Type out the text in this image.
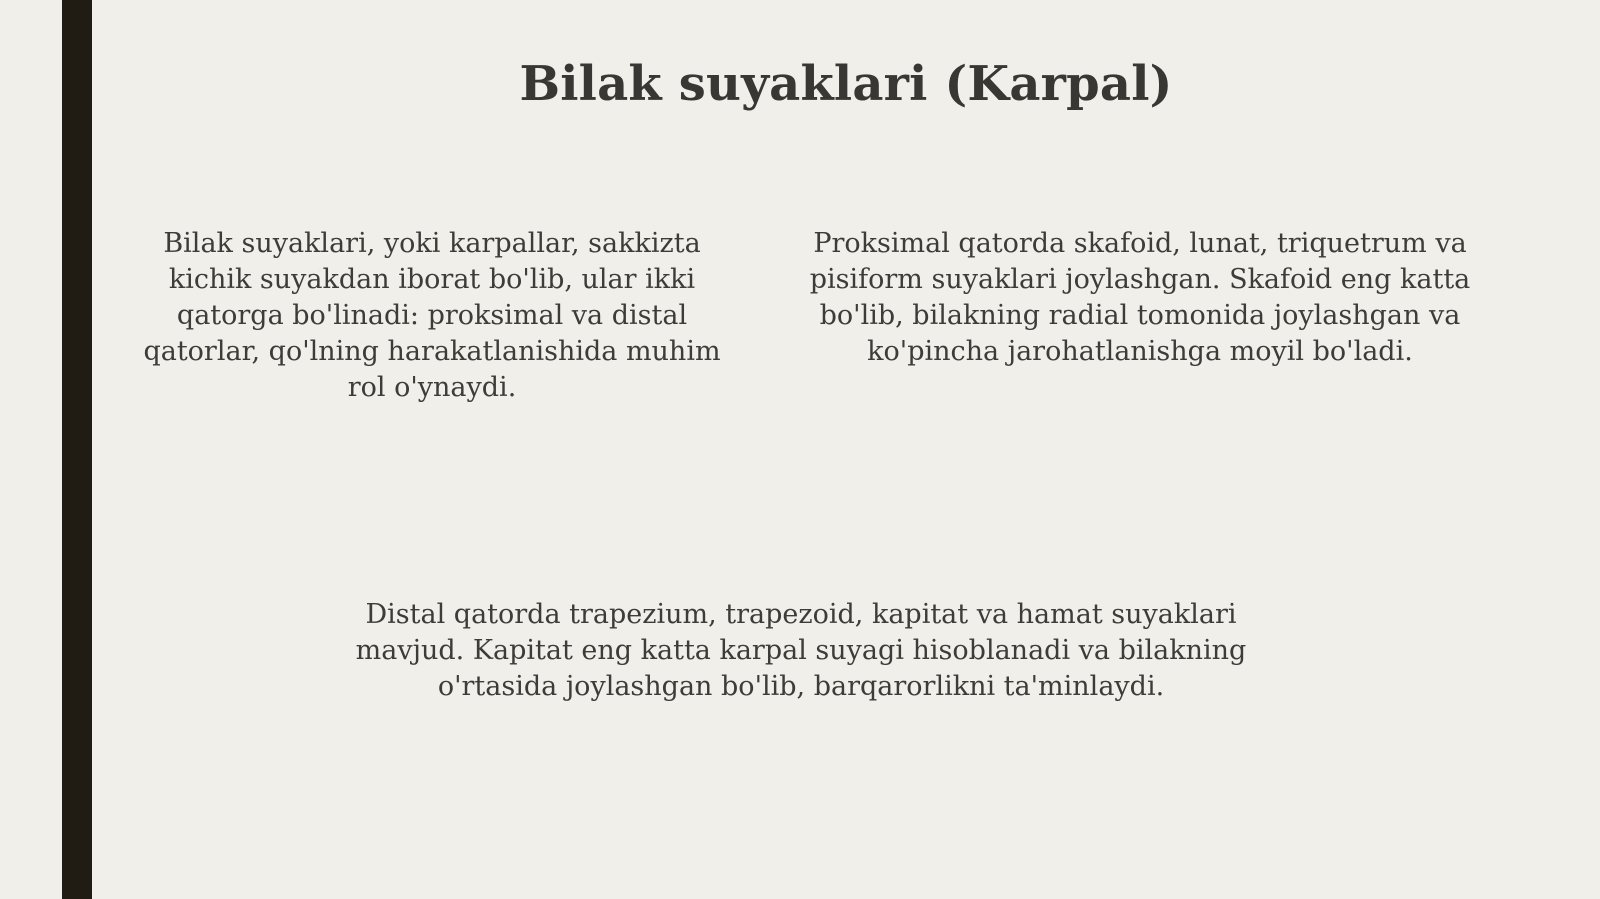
Bilak suyaklari (Karpal)
Bilak suyaklari, yoki karpallar, sakkizta kichik suyakdan iborat bo'lib, ular ikki qatorga bo'linadi: proksimal va distal qatorlar, qo'lning harakatlanishida muhim rol o'ynaydi.
Proksimal qatorda skafoid, lunat, triquetrum va pisiform suyaklari joylashgan. Skafoid eng katta bo'lib, bilakning radial tomonida joylashgan va ko'pincha jarohatlanishga moyil bo'ladi.
Distal qatorda trapezium, trapezoid, kapitat va hamat suyaklari mavjud. Kapitat eng katta karpal suyagi hisoblanadi va bilakning o'rtasida joylashgan bo'lib, barqarorlikni ta'minlaydi.
